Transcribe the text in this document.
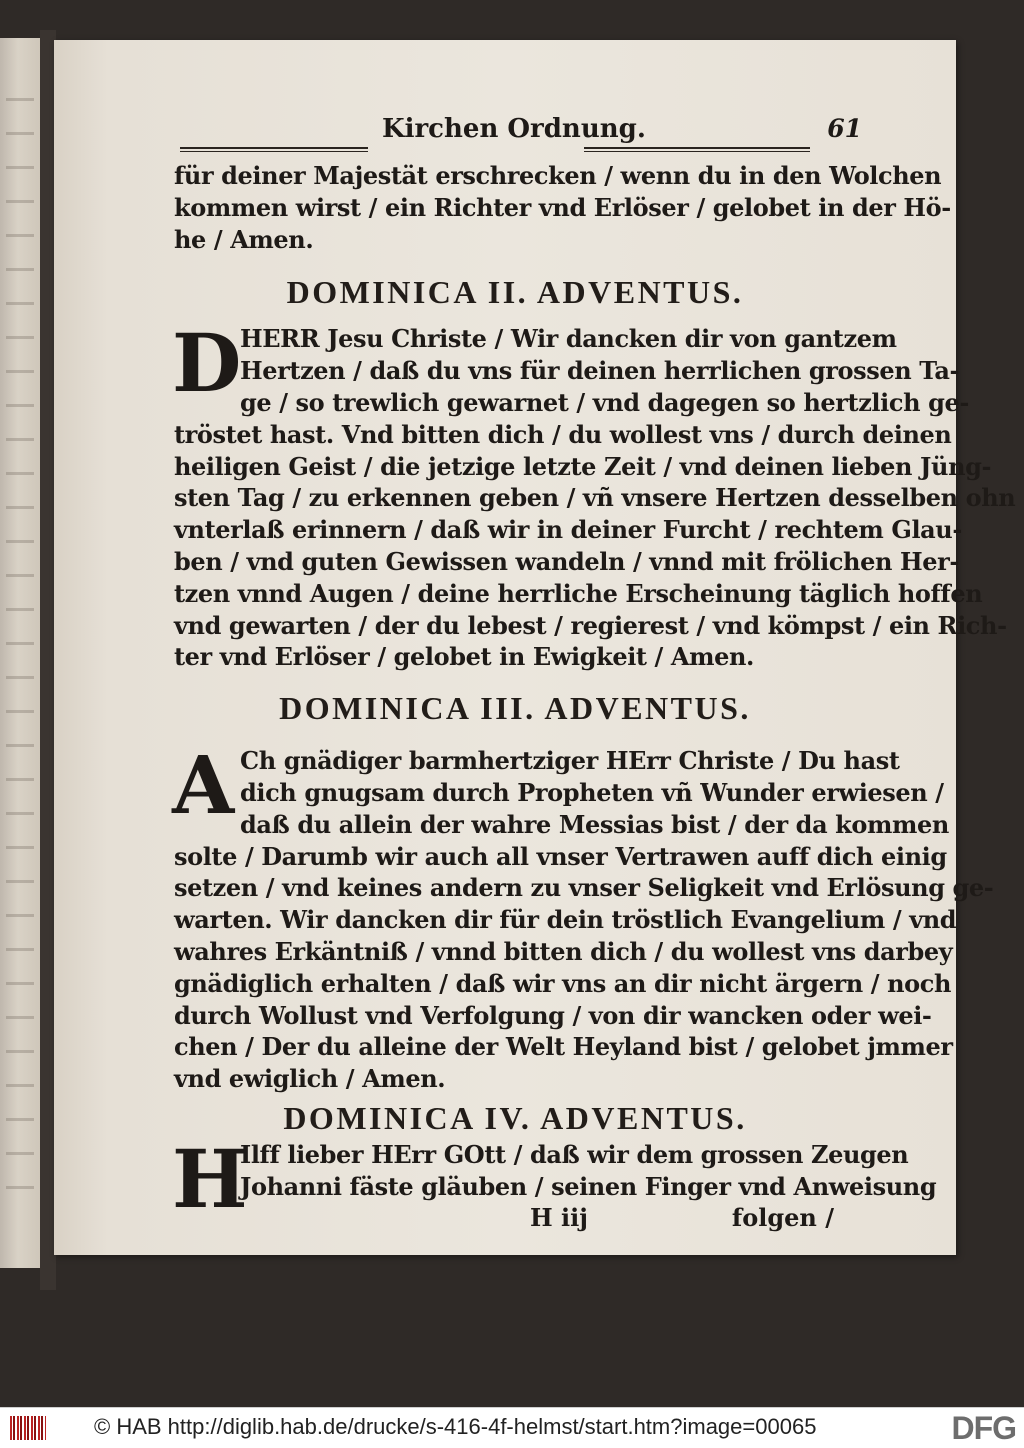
Kirchen Ordnung.	61

für deiner Majestät erschrecken / wenn du in den Wolchen
kommen wirst / ein Richter vnd Erlöser / gelobet in der Hö-
he / Amen.

DOMINICA II. ADVENTUS.
D HERR Jesu Christe / Wir dancken dir von gantzem
Hertzen / daß du vns für deinen herrlichen grossen Ta-
ge / so trewlich gewarnet / vnd dagegen so hertzlich ge-
tröstet hast. Vnd bitten dich / du wollest vns / durch deinen
heiligen Geist / die jetzige letzte Zeit / vnd deinen lieben Jüng-
sten Tag / zu erkennen geben / vñ vnsere Hertzen desselben ohn
vnterlaß erinnern / daß wir in deiner Furcht / rechtem Glau-
ben / vnd guten Gewissen wandeln / vnnd mit frölichen Her-
tzen vnnd Augen / deine herrliche Erscheinung täglich hoffen
vnd gewarten / der du lebest / regierest / vnd kömpst / ein Rich-
ter vnd Erlöser / gelobet in Ewigkeit / Amen.
DOMINICA III. ADVENTUS.
A Ch gnädiger barmhertziger HErr Christe / Du hast
dich gnugsam durch Propheten vñ Wunder erwiesen /
daß du allein der wahre Messias bist / der da kommen
solte / Darumb wir auch all vnser Vertrawen auff dich einig
setzen / vnd keines andern zu vnser Seligkeit vnd Erlösung ge-
warten. Wir dancken dir für dein tröstlich Evangelium / vnd
wahres Erkäntniß / vnnd bitten dich / du wollest vns darbey
gnädiglich erhalten / daß wir vns an dir nicht ärgern / noch
durch Wollust vnd Verfolgung / von dir wancken oder wei-
chen / Der du alleine der Welt Heyland bist / gelobet jmmer
vnd ewiglich / Amen.
DOMINICA IV. ADVENTUS.
H
Ilff lieber HErr GOtt / daß wir dem grossen Zeugen
Johanni fäste gläuben / seinen Finger vnd Anweisung
H iij	folgen /
© HAB http://diglib.hab.de/drucke/s-416-4f-helmst/start.htm?image=00065	DFG
